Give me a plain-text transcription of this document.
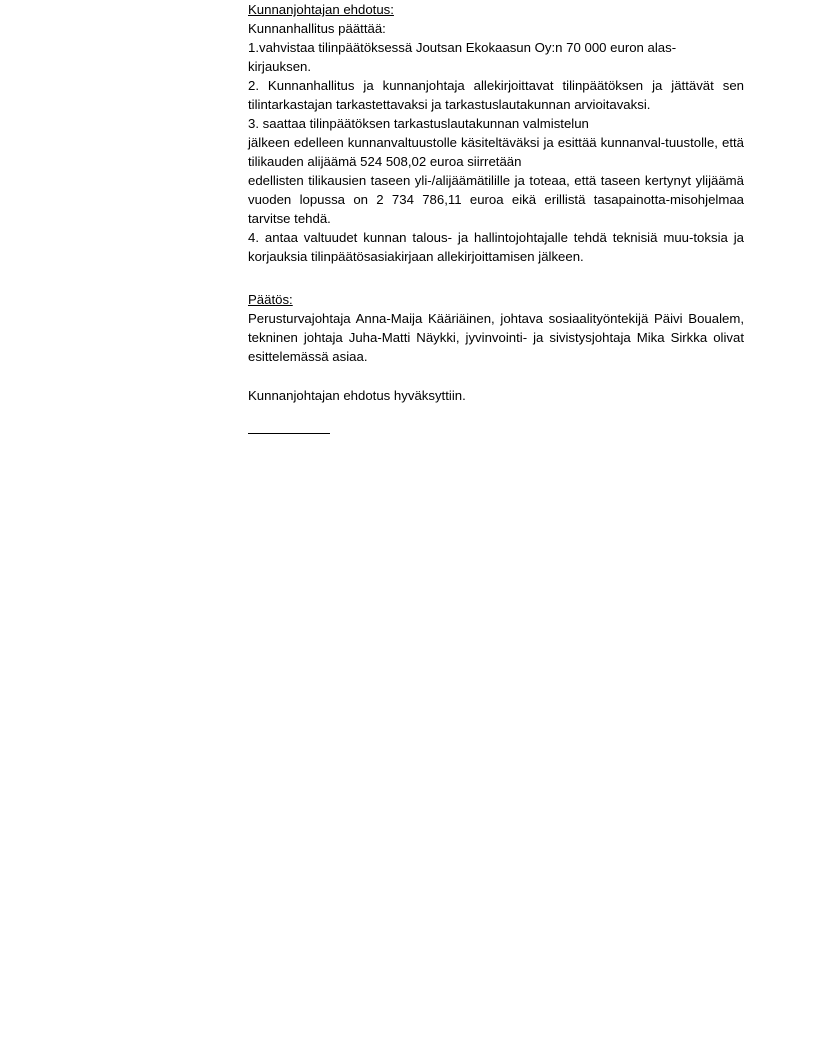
Kunnanjohtajan ehdotus:
Kunnanhallitus päättää:
1.vahvistaa tilinpäätöksessä Joutsan Ekokaasun Oy:n 70 000 euron alas-
kirjauksen.
2. Kunnanhallitus ja kunnanjohtaja allekirjoittavat tilinpäätöksen ja jättävät sen tilintarkastajan tarkastettavaksi ja tarkastuslautakunnan arvioitavaksi.
3. saattaa tilinpäätöksen tarkastuslautakunnan valmistelun
jälkeen edelleen kunnanvaltuustolle käsiteltäväksi ja esittää kunnanval-tuustolle, että tilikauden alijäämä 524 508,02 euroa siirretään
edellisten tilikausien taseen yli-/alijäämätilille ja toteaa, että taseen kertynyt ylijäämä vuoden lopussa on 2 734 786,11 euroa eikä erillistä tasapainotta-misohjelmaa tarvitse tehdä.
4. antaa valtuudet kunnan talous- ja hallintojohtajalle tehdä teknisiä muu-toksia ja korjauksia tilinpäätösasiakirjaan allekirjoittamisen jälkeen.
Päätös:
Perusturvajohtaja Anna-Maija Kääriäinen, johtava sosiaalityöntekijä Päivi Boualem, tekninen johtaja Juha-Matti Näykki, jyvinvointi- ja sivistysjohtaja Mika Sirkka olivat esittelemässä asiaa.
Kunnanjohtajan ehdotus hyväksyttiin.
